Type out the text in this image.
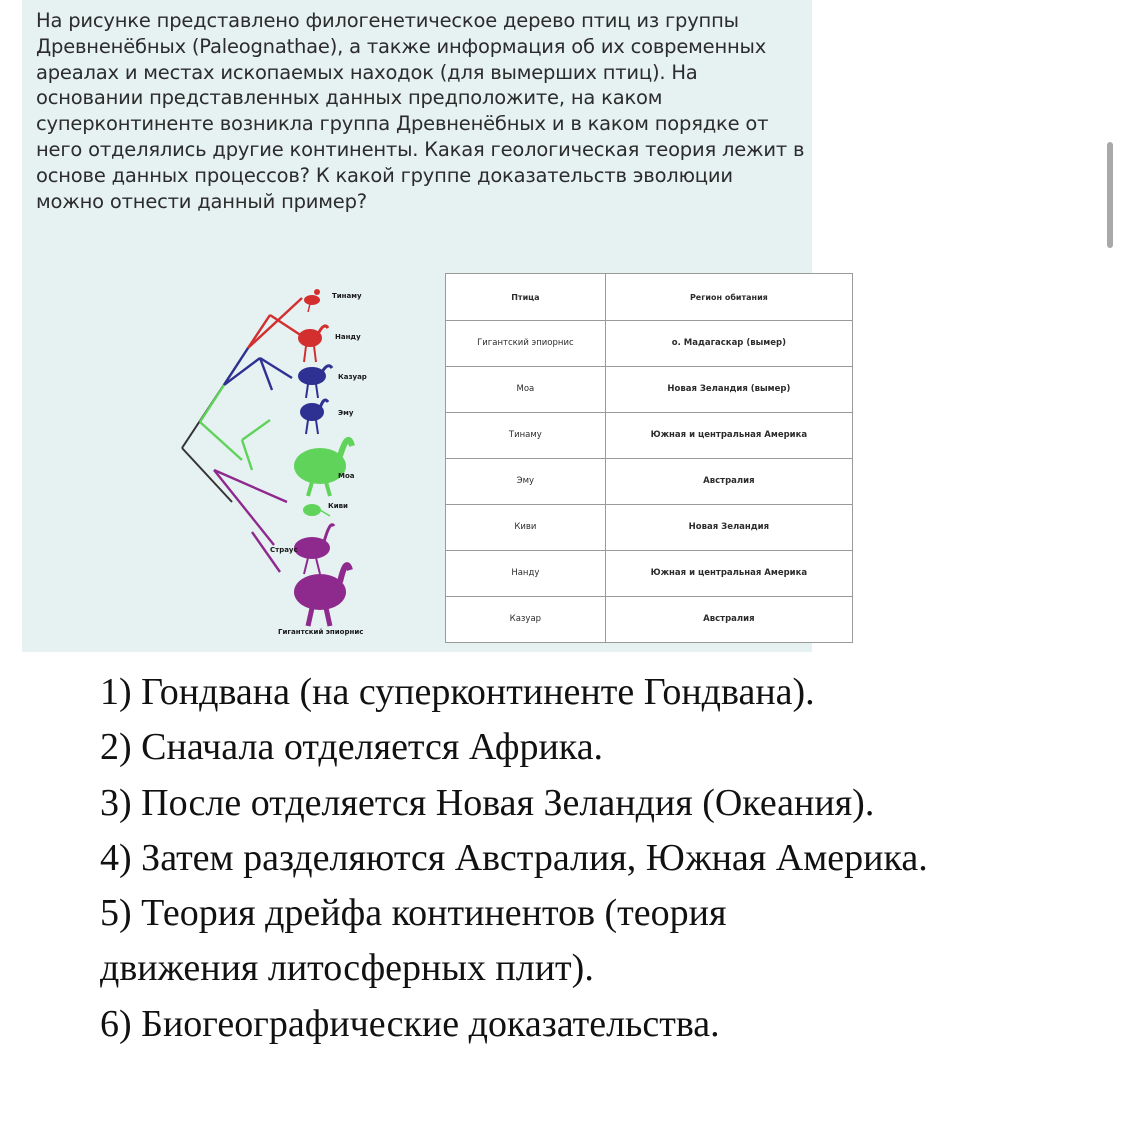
На рисунке представлено филогенетическое дерево птиц из группы Древненёбных (Paleognathae), а также информация об их современных ареалах и местах ископаемых находок (для вымерших птиц). На основании представленных данных предположите, на каком суперконтиненте возникла группа Древненёбных и в каком порядке от него отделялись другие континенты. Какая геологическая теория лежит в основе данных процессов? К какой группе доказательств эволюции можно отнести данный пример?

Тинаму
Нанду
Казуар
Эму
Моа
Киви
Страус
Гигантский эпиорнис
Птица	Регион обитания
Гигантский эпиорнис	о. Мадагаскар (вымер)
Моа	Новая Зеландия (вымер)
Тинаму	Южная и центральная Америка
Эму	Австралия
Киви	Новая Зеландия
Нанду	Южная и центральная Америка
Казуар	Австралия
1) Гондвана (на суперконтиненте Гондвана).
2) Сначала отделяется Африка.
3) После отделяется Новая Зеландия (Океания).
4) Затем разделяются Австралия, Южная Америка.
5) Теория дрейфа континентов (теория
движения литосферных плит).
6) Биогеографические доказательства.
